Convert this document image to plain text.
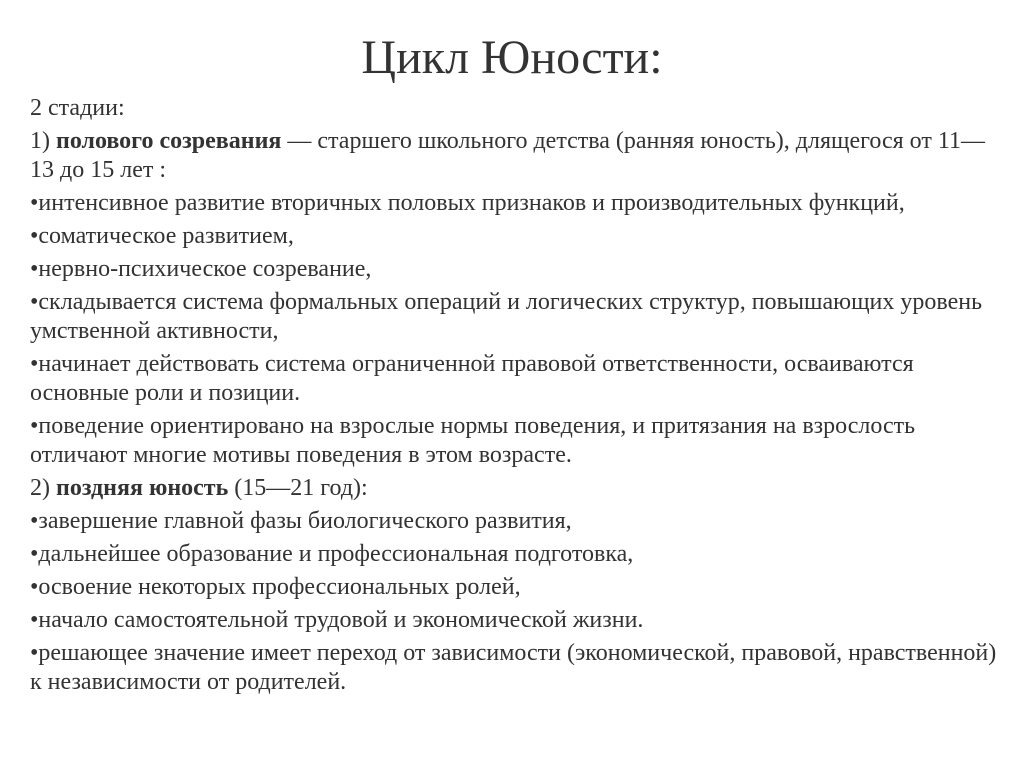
Цикл Юности:
2 стадии:
1) полового созревания — старшего школьного детства (ранняя юность), длящегося от 11—13 до 15 лет :
•интенсивное развитие вторичных половых признаков и производительных функций,
•соматическое развитием,
•нервно-психическое созревание,
•складывается система формальных операций и логических структур, повышающих уровень умственной активности,
•начинает действовать система ограниченной правовой ответственности, осваиваются основные роли и позиции.
•поведение ориентировано на взрослые нормы поведения, и притязания на взрослость отличают многие мотивы поведения в этом возрасте.
2) поздняя юность (15—21 год):
•завершение главной фазы биологического развития,
•дальнейшее образование и профессиональная подготовка,
•освоение некоторых профессиональных ролей,
•начало самостоятельной трудовой и экономической жизни.
•решающее значение имеет переход от зависимости (экономической, правовой, нравственной) к независимости от родителей.
